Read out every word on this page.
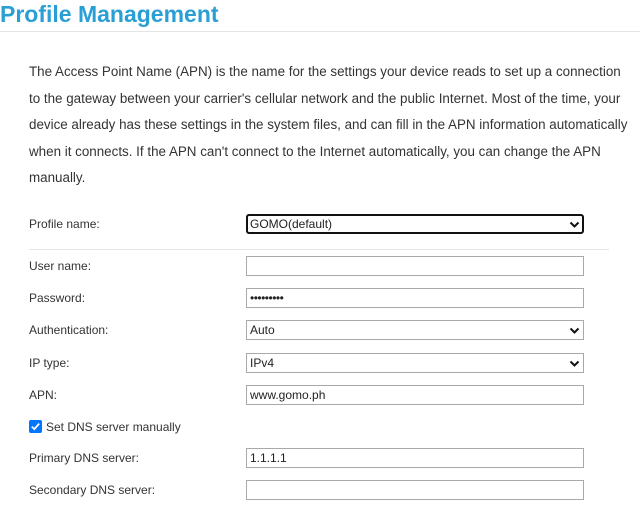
Profile Management

The Access Point Name (APN) is the name for the settings your device reads to set up a connection to the gateway between your carrier's cellular network and the public Internet. Most of the time, your device already has these settings in the system files, and can fill in the APN information automatically when it connects. If the APN can't connect to the Internet automatically, you can change the APN manually.

Profile name:	GOMO(default)
User name:
Password:	•••••••••
Authentication:	Auto
IP type:	IPv4
APN:	www.gomo.ph
Set DNS server manually
Primary DNS server:	1.1.1.1
Secondary DNS server:
